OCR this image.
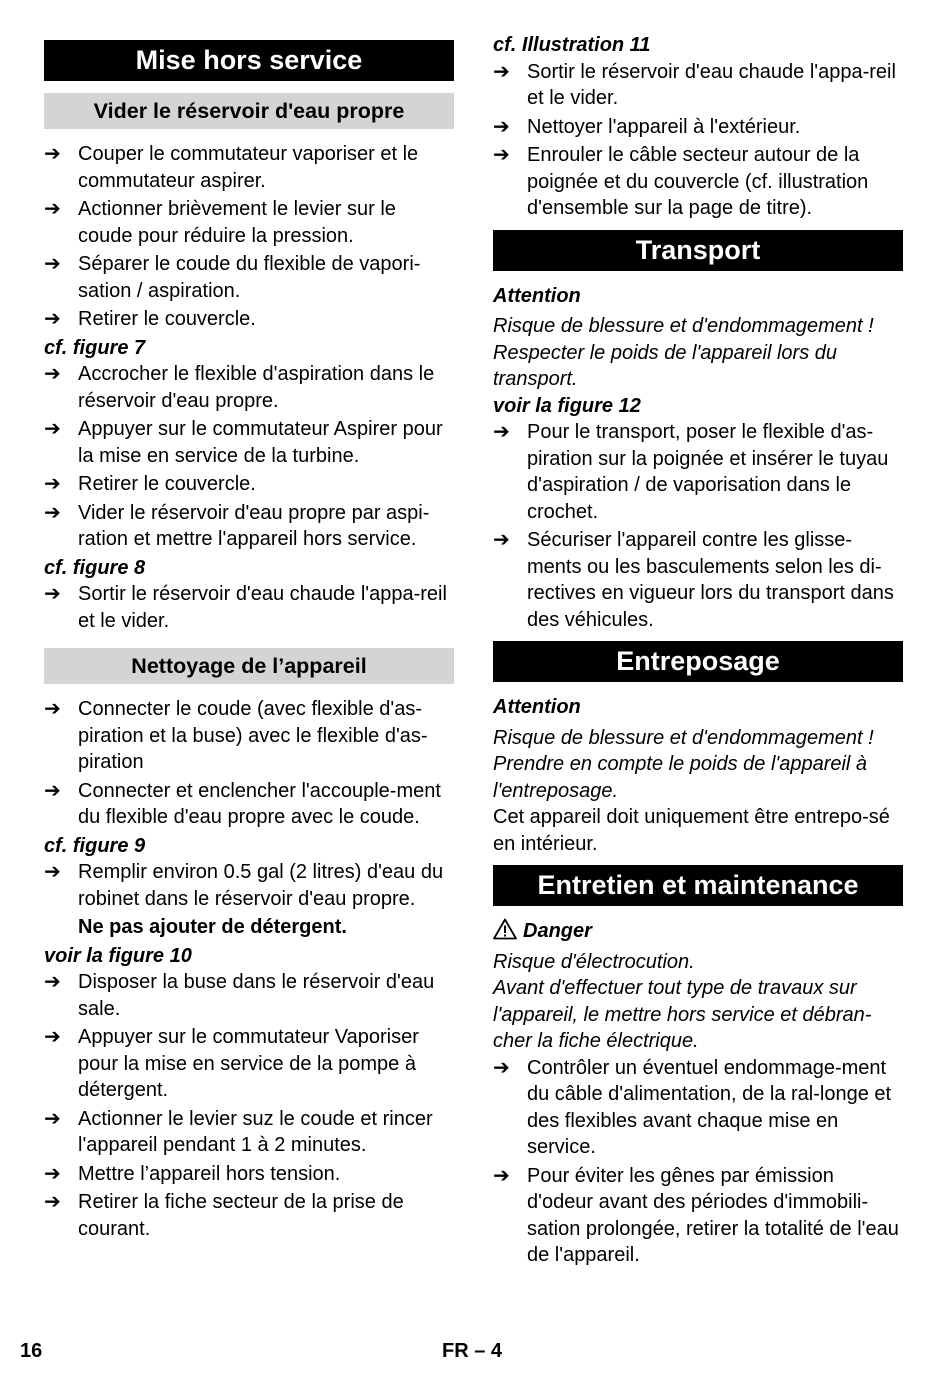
Mise hors service
Vider le réservoir d'eau propre
➔ Couper le commutateur vaporiser et le commutateur aspirer.
➔ Actionner brièvement le levier sur le coude pour réduire la pression.
➔ Séparer le coude du flexible de vapori-sation / aspiration.
➔ Retirer le couvercle.
cf. figure 7
➔ Accrocher le flexible d'aspiration dans le réservoir d'eau propre.
➔ Appuyer sur le commutateur Aspirer pour la mise en service de la turbine.
➔ Retirer le couvercle.
➔ Vider le réservoir d'eau propre par aspi-ration et mettre l'appareil hors service.
cf. figure 8
➔ Sortir le réservoir d'eau chaude l'appa-reil et le vider.
Nettoyage de l’appareil
➔ Connecter le coude (avec flexible d'as-piration et la buse) avec le flexible d'as-piration
➔ Connecter et enclencher l'accouple-ment du flexible d'eau propre avec le coude.
cf. figure 9
➔ Remplir environ 0.5 gal (2 litres) d'eau du robinet dans le réservoir d'eau propre.
Ne pas ajouter de détergent.
voir la figure 10
➔ Disposer la buse dans le réservoir d'eau sale.
➔ Appuyer sur le commutateur Vaporiser pour la mise en service de la pompe à détergent.
➔ Actionner le levier suz le coude et rincer l'appareil pendant 1 à 2 minutes.
➔ Mettre l’appareil hors tension.
➔ Retirer la fiche secteur de la prise de courant.
cf. Illustration 11
➔ Sortir le réservoir d'eau chaude l'appa-reil et le vider.
➔ Nettoyer l'appareil à l'extérieur.
➔ Enrouler le câble secteur autour de la poignée et du couvercle (cf. illustration d'ensemble sur la page de titre).
Transport
Attention
Risque de blessure et d'endommagement ! Respecter le poids de l'appareil lors du transport.
voir la figure 12
➔ Pour le transport, poser le flexible d'as-piration sur la poignée et insérer le tuyau d'aspiration / de vaporisation dans le crochet.
➔ Sécuriser l'appareil contre les glisse-ments ou les basculements selon les di-rectives en vigueur lors du transport dans des véhicules.
Entreposage
Attention
Risque de blessure et d'endommagement ! Prendre en compte le poids de l'appareil à l'entreposage.
Cet appareil doit uniquement être entrepo-sé en intérieur.
Entretien et maintenance
Danger
Risque d'électrocution.
Avant d'effectuer tout type de travaux sur l'appareil, le mettre hors service et débran-cher la fiche électrique.
➔ Contrôler un éventuel endommage-ment du câble d'alimentation, de la ral-longe et des flexibles avant chaque mise en service.
➔ Pour éviter les gênes par émission d'odeur avant des périodes d'immobili-sation prolongée, retirer la totalité de l'eau de l'appareil.
16	FR – 4
